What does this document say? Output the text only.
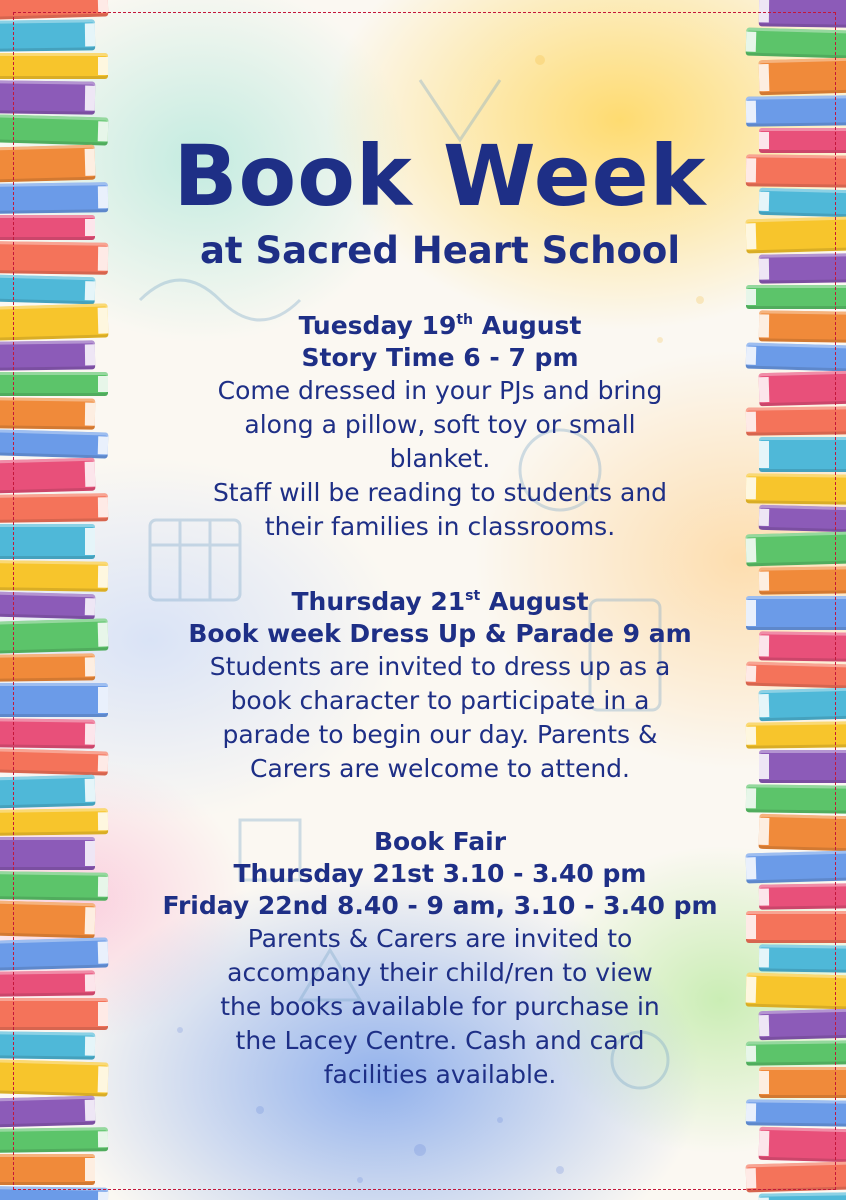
Book Week
at Sacred Heart School

Tuesday 19th August

Story Time 6 - 7 pm

Come dressed in your PJs and bring

along a pillow, soft toy or small

blanket.

Staff will be reading to students and

their families in classrooms.

Thursday 21st August

Book week Dress Up & Parade 9 am

Students are invited to dress up as a

book character to participate in a

parade to begin our day. Parents &

Carers are welcome to attend.

Book Fair

Thursday 21st 3.10 - 3.40 pm

Friday 22nd 8.40 - 9 am, 3.10 - 3.40 pm

Parents & Carers are invited to

accompany their child/ren to view

the books available for purchase in

the Lacey Centre. Cash and card

facilities available.
